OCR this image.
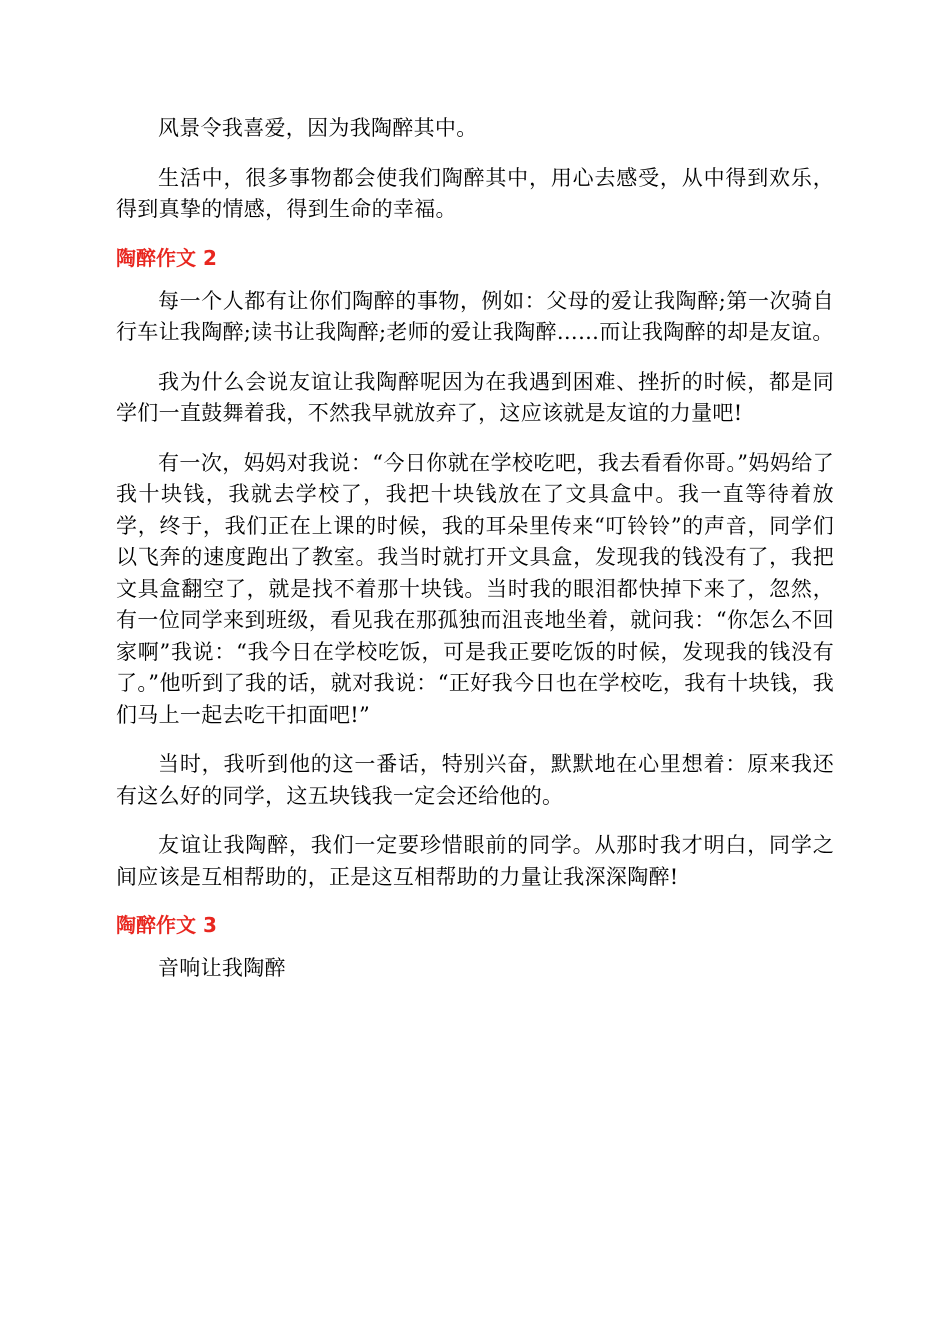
风景令我喜爱，因为我陶醉其中。

生活中，很多事物都会使我们陶醉其中，用心去感受，从中得到欢乐，得到真挚的情感，得到生命的幸福。

陶醉作文 2

每一个人都有让你们陶醉的事物，例如：父母的爱让我陶醉;第一次骑自行车让我陶醉;读书让我陶醉;老师的爱让我陶醉……而让我陶醉的却是友谊。

我为什么会说友谊让我陶醉呢因为在我遇到困难、挫折的时候，都是同学们一直鼓舞着我，不然我早就放弃了，这应该就是友谊的力量吧!

有一次，妈妈对我说：“今日你就在学校吃吧，我去看看你哥。”妈妈给了我十块钱，我就去学校了，我把十块钱放在了文具盒中。我一直等待着放学，终于，我们正在上课的时候，我的耳朵里传来“叮铃铃”的声音，同学们以飞奔的速度跑出了教室。我当时就打开文具盒，发现我的钱没有了，我把文具盒翻空了，就是找不着那十块钱。当时我的眼泪都快掉下来了，忽然，有一位同学来到班级，看见我在那孤独而沮丧地坐着，就问我：“你怎么不回家啊”我说：“我今日在学校吃饭，可是我正要吃饭的时候，发现我的钱没有了。”他听到了我的话，就对我说：“正好我今日也在学校吃，我有十块钱，我们马上一起去吃干扣面吧!”

当时，我听到他的这一番话，特别兴奋，默默地在心里想着：原来我还有这么好的同学，这五块钱我一定会还给他的。

友谊让我陶醉，我们一定要珍惜眼前的同学。从那时我才明白，同学之间应该是互相帮助的，正是这互相帮助的力量让我深深陶醉!

陶醉作文 3

音响让我陶醉
